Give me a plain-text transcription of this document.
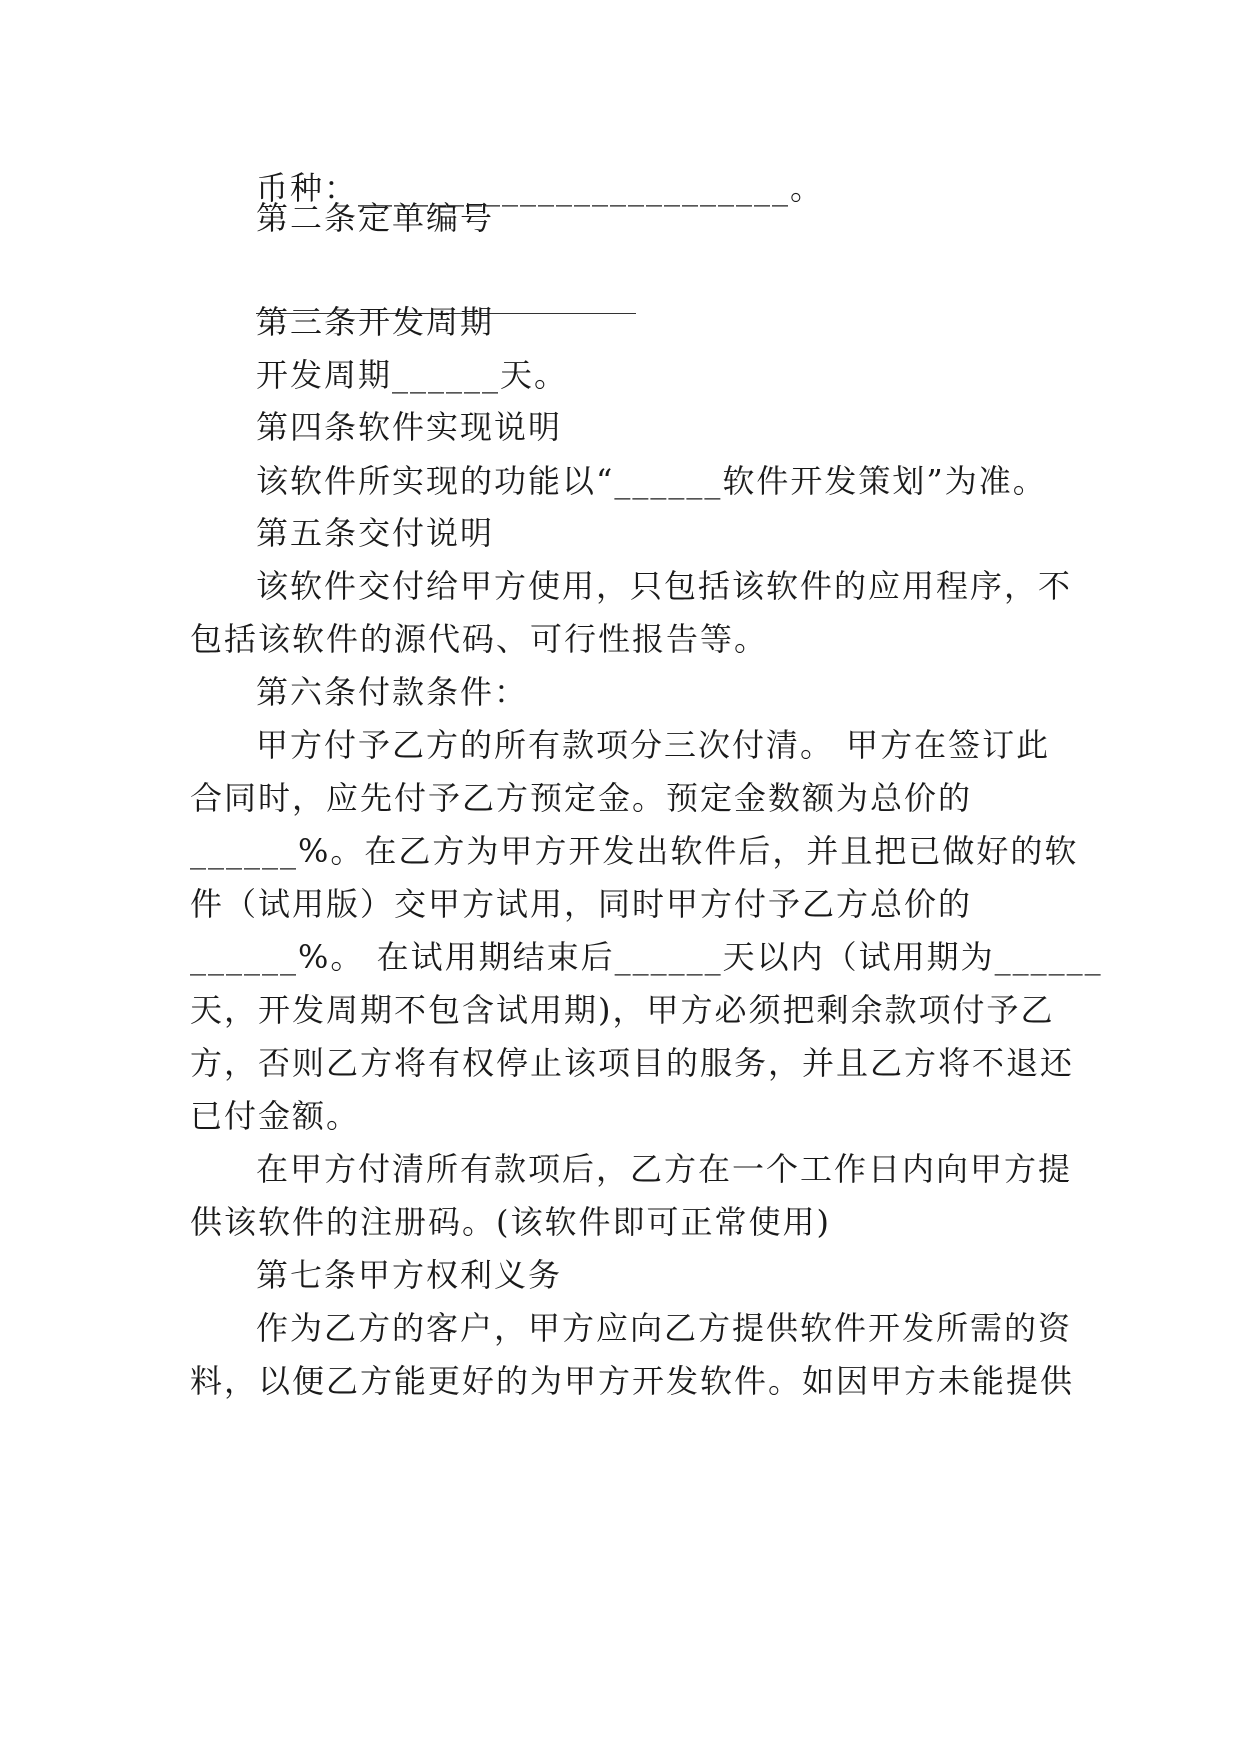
币种：________________________。
第二条定单编号
第三条开发周期
开发周期______天。
第四条软件实现说明
该软件所实现的功能以“______软件开发策划”为准。
第五条交付说明
该软件交付给甲方使用，只包括该软件的应用程序，不
包括该软件的源代码、可行性报告等。
第六条付款条件：
甲方付予乙方的所有款项分三次付清。 甲方在签订此
合同时，应先付予乙方预定金。预定金数额为总价的
______%。在乙方为甲方开发出软件后，并且把已做好的软
件（试用版）交甲方试用，同时甲方付予乙方总价的
______%。 在试用期结束后______天以内（试用期为______
天，开发周期不包含试用期)，甲方必须把剩余款项付予乙
方，否则乙方将有权停止该项目的服务，并且乙方将不退还
已付金额。
在甲方付清所有款项后，乙方在一个工作日内向甲方提
供该软件的注册码。(该软件即可正常使用)
第七条甲方权利义务
作为乙方的客户，甲方应向乙方提供软件开发所需的资
料，以便乙方能更好的为甲方开发软件。如因甲方未能提供
